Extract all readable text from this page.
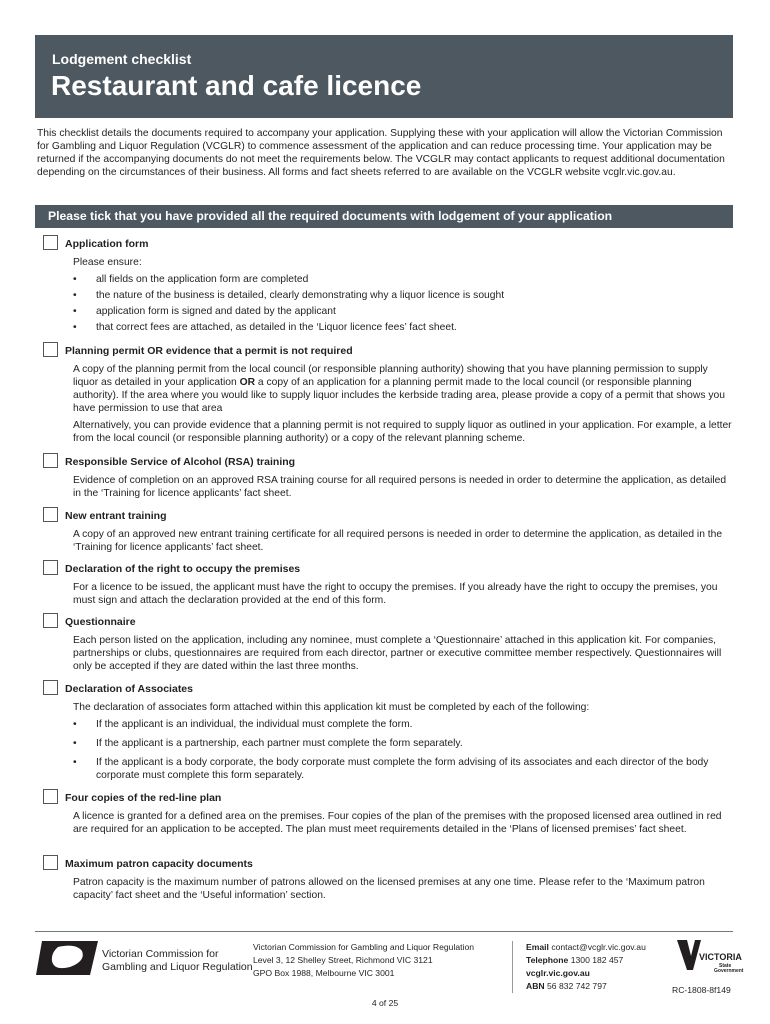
Lodgement checklist
Restaurant and cafe licence
This checklist details the documents required to accompany your application. Supplying these with your application will allow the Victorian Commission for Gambling and Liquor Regulation (VCGLR) to commence assessment of the application and can reduce processing time. Your application may be returned if the accompanying documents do not meet the requirements below. The VCGLR may contact applicants to request additional documentation depending on the circumstances of their business. All forms and fact sheets referred to are available on the VCGLR website vcglr.vic.gov.au.
Please tick that you have provided all the required documents with lodgement of your application
Application form

Please ensure:

• all fields on the application form are completed
• the nature of the business is detailed, clearly demonstrating why a liquor licence is sought
• application form is signed and dated by the applicant
• that correct fees are attached, as detailed in the ‘Liquor licence fees’ fact sheet.
Planning permit OR evidence that a permit is not required

A copy of the planning permit from the local council (or responsible planning authority) showing that you have planning permission to supply liquor as detailed in your application OR a copy of an application for a planning permit made to the local council (or responsible planning authority). If the area where you would like to supply liquor includes the kerbside trading area, please provide a copy of a permit that shows you have permission to use that area

Alternatively, you can provide evidence that a planning permit is not required to supply liquor as outlined in your application. For example, a letter from the local council (or responsible planning authority) or a copy of the relevant planning scheme.

Responsible Service of Alcohol (RSA) training
Evidence of completion on an approved RSA training course for all required persons is needed in order to determine the application, as detailed in the ‘Training for licence applicants’ fact sheet.
New entrant training
A copy of an approved new entrant training certificate for all required persons is needed in order to determine the application, as detailed in the ‘Training for licence applicants’ fact sheet.
Declaration of the right to occupy the premises
For a licence to be issued, the applicant must have the right to occupy the premises. If you already have the right to occupy the premises, you must sign and attach the declaration provided at the end of this form.
Questionnaire
Each person listed on the application, including any nominee, must complete a ‘Questionnaire’ attached in this application kit. For companies, partnerships or clubs, questionnaires are required from each director, partner or executive committee member respectively. Questionnaires will only be accepted if they are dated within the last three months.
Declaration of Associates

The declaration of associates form attached within this application kit must be completed by each of the following:

• If the applicant is an individual, the individual must complete the form.
• If the applicant is a partnership, each partner must complete the form separately.
• If the applicant is a body corporate, the body corporate must complete the form advising of its associates and each director of the body corporate must complete this form separately.
Four copies of the red-line plan
A licence is granted for a defined area on the premises. Four copies of the plan of the premises with the proposed licensed area outlined in red are required for an application to be accepted. The plan must meet requirements detailed in the ‘Plans of licensed premises’ fact sheet.
Maximum patron capacity documents
Patron capacity is the maximum number of patrons allowed on the licensed premises at any one time. Please refer to the ‘Maximum patron capacity’ fact sheet and the ‘Useful information’ section.
Victorian Commission for
Gambling and Liquor Regulation
Victorian Commission for Gambling and Liquor Regulation
Level 3, 12 Shelley Street, Richmond VIC 3121
GPO Box 1988, Melbourne VIC 3001
Email contact@vcglr.vic.gov.au
Telephone 1300 182 457
vcglr.vic.gov.au
ABN 56 832 742 797
VICTORIA
State
Government
RC-1808-8f149
4 of 25
